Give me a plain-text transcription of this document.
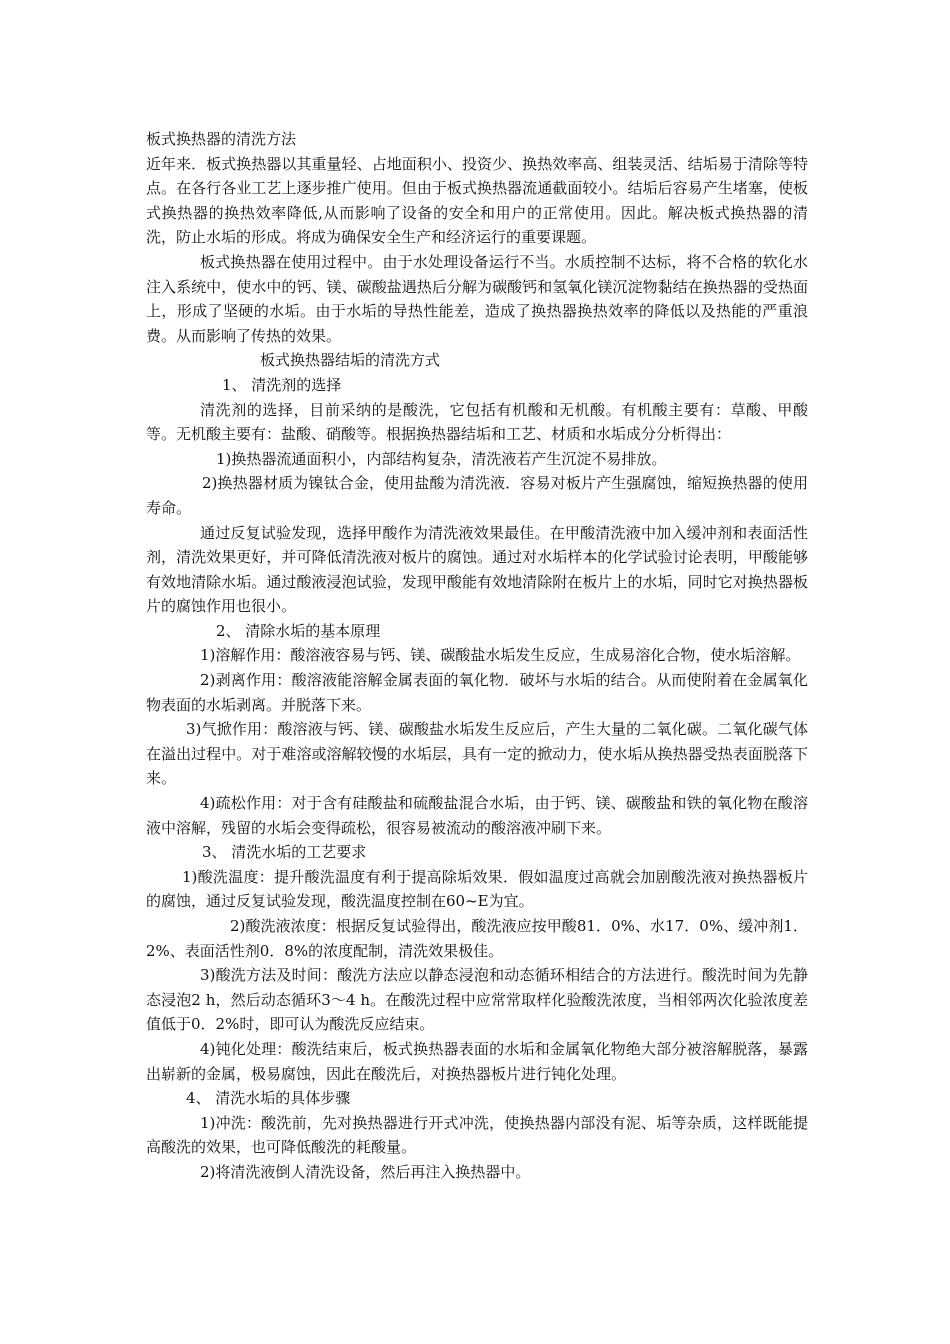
板式换热器的清洗方法

近年来．板式换热器以其重量轻、占地面积小、投资少、换热效率高、组装灵活、结垢易于清除等特点。在各行各业工艺上逐步推广使用。但由于板式换热器流通截面较小。结垢后容易产生堵塞，使板式换热器的换热效率降低,从而影响了设备的安全和用户的正常使用。因此。解决板式换热器的清洗，防止水垢的形成。将成为确保安全生产和经济运行的重要课题。

板式换热器在使用过程中。由于水处理设备运行不当。水质控制不达标，将不合格的软化水注入系统中，使水中的钙、镁、碳酸盐遇热后分解为碳酸钙和氢氧化镁沉淀物黏结在换热器的受热面上，形成了坚硬的水垢。由于水垢的导热性能差，造成了换热器换热效率的降低以及热能的严重浪费。从而影响了传热的效果。

板式换热器结垢的清洗方式

1、 清洗剂的选择

清洗剂的选择，目前采纳的是酸洗，它包括有机酸和无机酸。有机酸主要有：草酸、甲酸等。无机酸主要有：盐酸、硝酸等。根据换热器结垢和工艺、材质和水垢成分分析得出：

1)换热器流通面积小，内部结构复杂，清洗液若产生沉淀不易排放。

2)换热器材质为镍钛合金，使用盐酸为清洗液．容易对板片产生强腐蚀，缩短换热器的使用寿命。

通过反复试验发现，选择甲酸作为清洗液效果最佳。在甲酸清洗液中加入缓冲剂和表面活性剂，清洗效果更好，并可降低清洗液对板片的腐蚀。通过对水垢样本的化学试验讨论表明，甲酸能够有效地清除水垢。通过酸液浸泡试验，发现甲酸能有效地清除附在板片上的水垢，同时它对换热器板片的腐蚀作用也很小。

2、 清除水垢的基本原理

1)溶解作用：酸溶液容易与钙、镁、碳酸盐水垢发生反应，生成易溶化合物，使水垢溶解。

2)剥离作用：酸溶液能溶解金属表面的氧化物．破坏与水垢的结合。从而使附着在金属氧化物表面的水垢剥离。并脱落下来。

3)气掀作用：酸溶液与钙、镁、碳酸盐水垢发生反应后，产生大量的二氧化碳。二氧化碳气体在溢出过程中。对于难溶或溶解较慢的水垢层，具有一定的掀动力，使水垢从换热器受热表面脱落下来。

4)疏松作用：对于含有硅酸盐和硫酸盐混合水垢，由于钙、镁、碳酸盐和铁的氧化物在酸溶液中溶解，残留的水垢会变得疏松，很容易被流动的酸溶液冲刷下来。

3、 清洗水垢的工艺要求

1)酸洗温度：提升酸洗温度有利于提高除垢效果．假如温度过高就会加剧酸洗液对换热器板片的腐蚀，通过反复试验发现，酸洗温度控制在60~E为宜。

2)酸洗液浓度：根据反复试验得出，酸洗液应按甲酸81．0%、水17．0%、缓冲剂1．2%、表面活性剂0．8%的浓度配制，清洗效果极佳。

3)酸洗方法及时间：酸洗方法应以静态浸泡和动态循环相结合的方法进行。酸洗时间为先静态浸泡2 h，然后动态循环3～4 h。在酸洗过程中应常常取样化验酸洗浓度，当相邻两次化验浓度差值低于0．2%时，即可认为酸洗反应结束。

4)钝化处理：酸洗结束后，板式换热器表面的水垢和金属氧化物绝大部分被溶解脱落，暴露出崭新的金属，极易腐蚀，因此在酸洗后，对换热器板片进行钝化处理。

4、 清洗水垢的具体步骤

1)冲洗：酸洗前，先对换热器进行开式冲洗，使换热器内部没有泥、垢等杂质，这样既能提高酸洗的效果，也可降低酸洗的耗酸量。

2)将清洗液倒人清洗设备，然后再注入换热器中。
